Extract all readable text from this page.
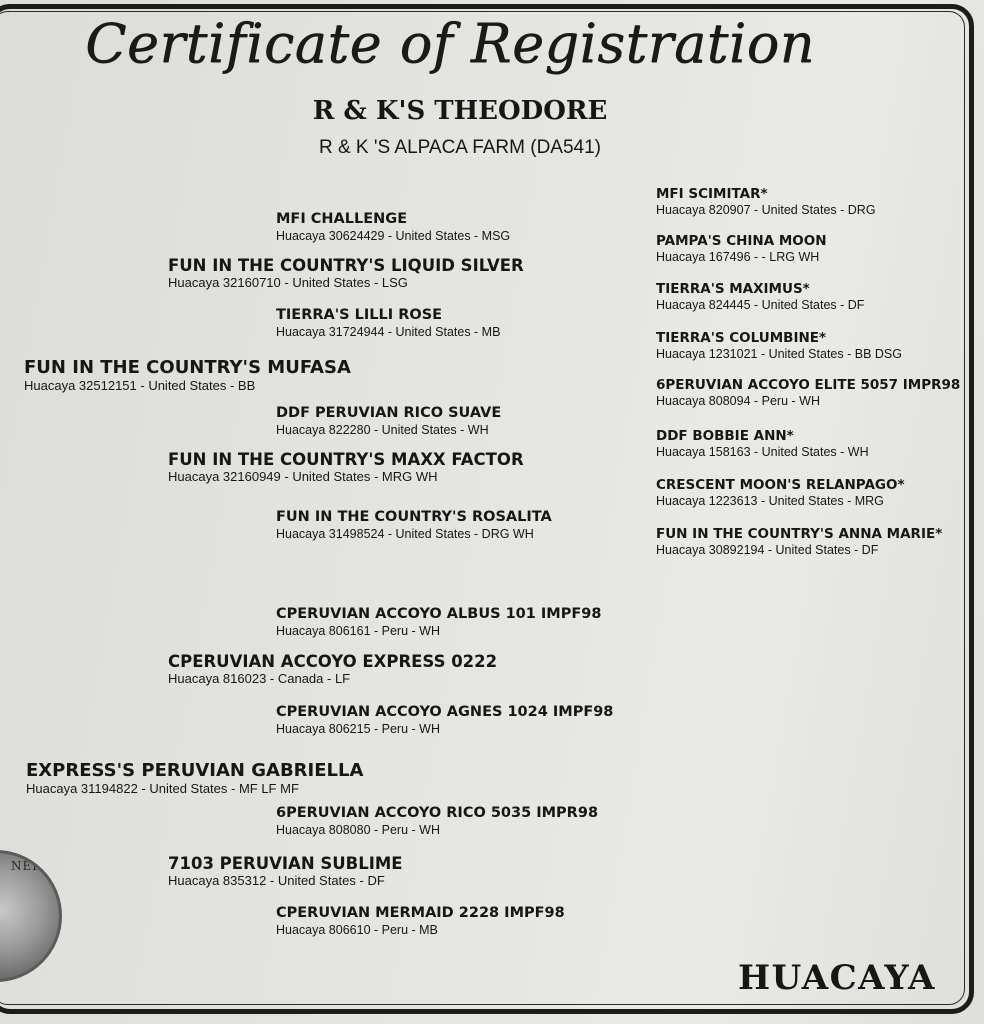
Certificate of Registration
R & K'S THEODORE
R & K 'S ALPACA FARM (DA541)
FUN IN THE COUNTRY'S MUFASA
Huacaya 32512151 - United States - BB
EXPRESS'S PERUVIAN GABRIELLA
Huacaya 31194822 - United States - MF LF MF
FUN IN THE COUNTRY'S LIQUID SILVER
Huacaya 32160710 - United States - LSG
FUN IN THE COUNTRY'S MAXX FACTOR
Huacaya 32160949 - United States - MRG WH
CPERUVIAN ACCOYO EXPRESS 0222
Huacaya 816023 - Canada - LF
7103 PERUVIAN SUBLIME
Huacaya 835312 - United States - DF
MFI CHALLENGE
Huacaya 30624429 - United States - MSG
TIERRA'S LILLI ROSE
Huacaya 31724944 - United States - MB
DDF PERUVIAN RICO SUAVE
Huacaya 822280 - United States - WH
FUN IN THE COUNTRY'S ROSALITA
Huacaya 31498524 - United States - DRG WH
CPERUVIAN ACCOYO ALBUS 101 IMPF98
Huacaya 806161 - Peru - WH
CPERUVIAN ACCOYO AGNES 1024 IMPF98
Huacaya 806215 - Peru - WH
6PERUVIAN ACCOYO RICO 5035 IMPR98
Huacaya 808080 - Peru - WH
CPERUVIAN MERMAID 2228 IMPF98
Huacaya 806610 - Peru - MB
MFI SCIMITAR*
Huacaya 820907 - United States - DRG
PAMPA'S CHINA MOON
Huacaya 167496 - - LRG WH
TIERRA'S MAXIMUS*
Huacaya 824445 - United States - DF
TIERRA'S COLUMBINE*
Huacaya 1231021 - United States - BB DSG
6PERUVIAN ACCOYO ELITE 5057 IMPR98
Huacaya 808094 - Peru - WH
DDF BOBBIE ANN*
Huacaya 158163 - United States - WH
CRESCENT MOON'S RELANPAGO*
Huacaya 1223613 - United States - MRG
FUN IN THE COUNTRY'S ANNA MARIE*
Huacaya 30892194 - United States - DF
NERS
HUACAYA
